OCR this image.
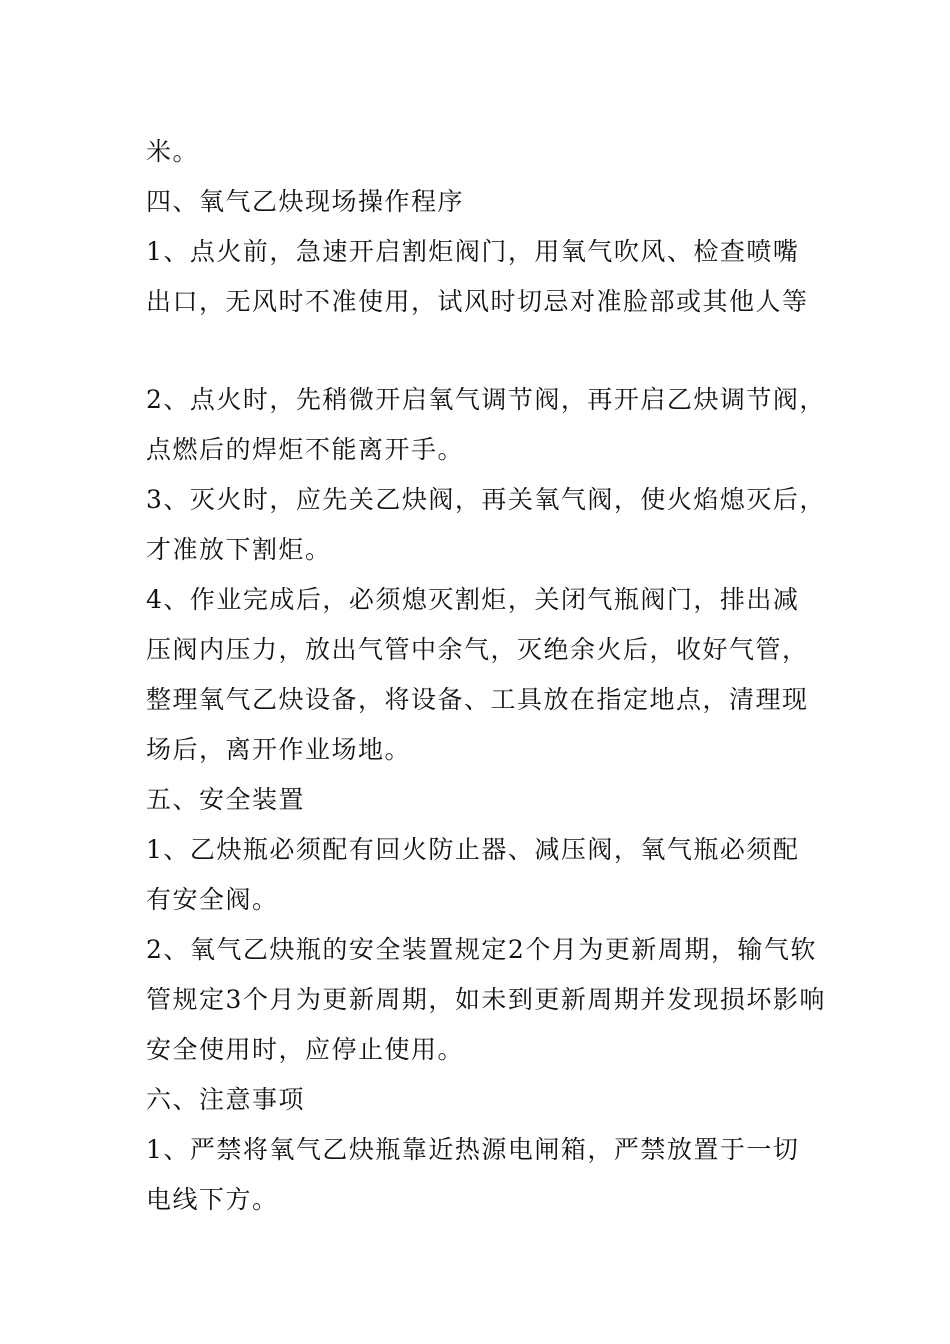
米。
四、氧气乙炔现场操作程序
1、点火前，急速开启割炬阀门，用氧气吹风、检查喷嘴
出口，无风时不准使用，试风时切忌对准脸部或其他人等
2、点火时，先稍微开启氧气调节阀，再开启乙炔调节阀，
点燃后的焊炬不能离开手。
3、灭火时，应先关乙炔阀，再关氧气阀，使火焰熄灭后，
才准放下割炬。
4、作业完成后，必须熄灭割炬，关闭气瓶阀门，排出减
压阀内压力，放出气管中余气，灭绝余火后，收好气管，
整理氧气乙炔设备，将设备、工具放在指定地点，清理现
场后，离开作业场地。
五、安全装置
1、乙炔瓶必须配有回火防止器、减压阀，氧气瓶必须配
有安全阀。
2、氧气乙炔瓶的安全装置规定2个月为更新周期，输气软
管规定3个月为更新周期，如未到更新周期并发现损坏影响
安全使用时，应停止使用。
六、注意事项
1、严禁将氧气乙炔瓶靠近热源电闸箱，严禁放置于一切
电线下方。
